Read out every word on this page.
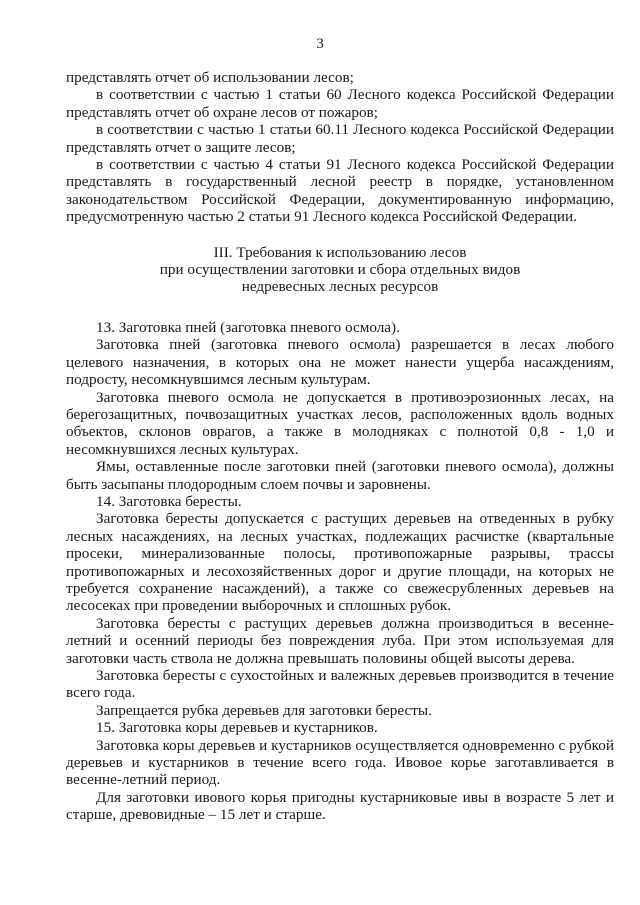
3

представлять отчет об использовании лесов;

в соответствии с частью 1 статьи 60 Лесного кодекса Российской Федерации представлять отчет об охране лесов от пожаров;

в соответствии с частью 1 статьи 60.11 Лесного кодекса Российской Федерации представлять отчет о защите лесов;

в соответствии с частью 4 статьи 91 Лесного кодекса Российской Федерации представлять в государственный лесной реестр в порядке, установленном законодательством Российской Федерации, документированную информацию, предусмотренную частью 2 статьи 91 Лесного кодекса Российской Федерации.

III. Требования к использованию лесов
при осуществлении заготовки и сбора отдельных видов
недревесных лесных ресурсов

13. Заготовка пней (заготовка пневого осмола).

Заготовка пней (заготовка пневого осмола) разрешается в лесах любого целевого назначения, в которых она не может нанести ущерба насаждениям, подросту, несомкнувшимся лесным культурам.

Заготовка пневого осмола не допускается в противоэрозионных лесах, на берегозащитных, почвозащитных участках лесов, расположенных вдоль водных объектов, склонов оврагов, а также в молодняках с полнотой 0,8 - 1,0 и несомкнувшихся лесных культурах.

Ямы, оставленные после заготовки пней (заготовки пневого осмола), должны быть засыпаны плодородным слоем почвы и заровнены.

14. Заготовка бересты.

Заготовка бересты допускается с растущих деревьев на отведенных в рубку лесных насаждениях, на лесных участках, подлежащих расчистке (квартальные просеки, минерализованные полосы, противопожарные разрывы, трассы противопожарных и лесохозяйственных дорог и другие площади, на которых не требуется сохранение насаждений), а также со свежесрубленных деревьев на лесосеках при проведении выборочных и сплошных рубок.

Заготовка бересты с растущих деревьев должна производиться в весенне-летний и осенний периоды без повреждения луба. При этом используемая для заготовки часть ствола не должна превышать половины общей высоты дерева.

Заготовка бересты с сухостойных и валежных деревьев производится в течение всего года.

Запрещается рубка деревьев для заготовки бересты.

15. Заготовка коры деревьев и кустарников.

Заготовка коры деревьев и кустарников осуществляется одновременно с рубкой деревьев и кустарников в течение всего года. Ивовое корье заготавливается в весенне-летний период.

Для заготовки ивового корья пригодны кустарниковые ивы в возрасте 5 лет и старше, древовидные – 15 лет и старше.
